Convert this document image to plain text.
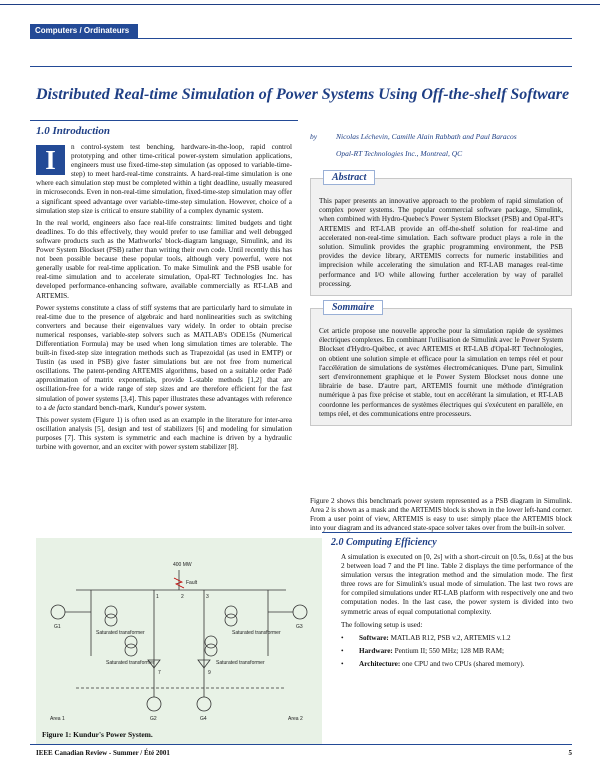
Computers / Ordinateurs
Distributed Real-time Simulation of Power Systems Using Off-the-shelf Software
1.0 Introduction

I	n control-system test benching, hardware-in-the-loop, rapid control prototyping and other time-critical power-system simulation applications, engineers must use fixed-time-step simulation (as opposed to variable-time-step) to meet hard-real-time constraints. A hard-real-time simulation is one where each simulation step must be completed within a tight deadline, usually measured in microseconds. Even in non-real-time simulation, fixed-time-step simulation may offer a significant speed advantage over variable-time-step simulation. However, choice of a simulation step size is critical to ensure stability of a complex dynamic system.

In the real world, engineers also face real-life constraints: limited budgets and tight deadlines. To do this effectively, they would prefer to use familiar and well debugged software products such as the Mathworks' block-diagram language, Simulink, and its Power System Blockset (PSB) rather than writing their own code. Until recently this has not been possible because these popular tools, although very powerful, were not generally usable for real-time application. To make Simulink and the PSB usable for real-time simulation and to accelerate simulation, Opal-RT Technologies Inc. has developed performance-enhancing software, available commercially as RT-LAB and ARTEMIS.

Power systems constitute a class of stiff systems that are particularly hard to simulate in real-time due to the presence of algebraic and hard nonlinearities such as switching converters and because their eigenvalues vary widely. In order to obtain precise numerical responses, variable-step solvers such as MATLAB's ODE15s (Numerical Differentiation Formula) may be used when long simulation times are tolerable. The built-in fixed-step size integration methods such as Trapezoidal (as used in EMTP) or Tustin (as used in PSB) give faster simulations but are not free from numerical oscillations. The patent-pending ARTEMIS algorithms, based on a suitable order Padé approximation of matrix exponentials, provide L-stable methods [1,2] that are oscillation-free for a wide range of step sizes and are therefore efficient for the fast simulation of power systems [3,4]. This paper illustrates these advantages with reference to a de facto standard bench-mark, Kundur's power system.

This power system (Figure 1) is often used as an example in the literature for inter-area oscillation analysis [5], design and test of stabilizers [6] and modeling for simulation purposes [7]. This system is symmetric and each machine is driven by a hydraulic turbine with governor, and an exciter with power system stabilizer [8].

by	Nicolas Léchevin, Camille Alain Rabbath and Paul Baracos
Opal-RT Technologies Inc., Montreal, QC
Abstract
This paper presents an innovative approach to the problem of rapid simulation of complex power systems. The popular commercial software package, Simulink, when combined with Hydro-Quebec's Power System Blockset (PSB) and Opal-RT's ARTEMIS and RT-LAB provide an off-the-shelf solution for real-time and accelerated non-real-time simulation. Each software product plays a role in the solution. Simulink provides the graphic programming environment, the PSB provides the device library, ARTEMIS corrects for numeric instabilities and imprecision while accelerating the simulation and RT-LAB manages real-time performance and I/O while allowing further acceleration by way of parallel processing.
Sommaire
Cet article propose une nouvelle approche pour la simulation rapide de systèmes électriques complexes. En combinant l'utilisation de Simulink avec le Power System Blockset d'Hydro-Québec, et avec ARTEMIS et RT-LAB d'Opal-RT Technologies, on obtient une solution simple et efficace pour la simulation en temps réel et pour l'accélération de simulations de systèmes électromécaniques. D'une part, Simulink sert d'environnement graphique et le Power System Blockset nous donne une librairie de base. D'autre part, ARTEMIS fournit une méthode d'intégration numérique à pas fixe précise et stable, tout en accélérant la simulation, et RT-LAB coordonne les performances de systèmes électriques qui s'exécutent en parallèle, en temps réel, et des communications entre processeurs.
Figure 2 shows this benchmark power system represented as a PSB diagram in Simulink. Area 2 is shown as a mask and the ARTEMIS block is shown in the lower left-hand corner. From a user point of view, ARTEMIS is easy to use: simply place the ARTEMIS block into your diagram and its advanced state-space solver takes over from the built-in solver.
2.0 Computing Efficiency

A simulation is executed on [0, 2s] with a short-circuit on [0.5s, 0.6s] at the bus 2 between load 7 and the PI line. Table 2 displays the time performance of the simulation versus the integration method and the simulation mode. The first three rows are for Simulink's usual mode of simulation. The last two rows are for compiled simulations under RT-LAB platform with respectively one and two computation nodes. In the last case, the power system is divided into two symmetric areas of equal computational complexity.

The following setup is used:

• Software: MATLAB R12, PSB v.2, ARTEMIS v.1.2
• Hardware: Pentium II; 550 MHz; 128 MB RAM;
• Architecture: one CPU and two CPUs (shared memory).
400 MW
Fault
Saturated transformer
Saturated transformer
Saturated transformer
Saturated transformer
G1
G2
G3
G4
1	2	3
7	9
Area 1	Area 2
Figure 1: Kundur's Power System.
IEEE Canadian Review - Summer / Été 2001	5
